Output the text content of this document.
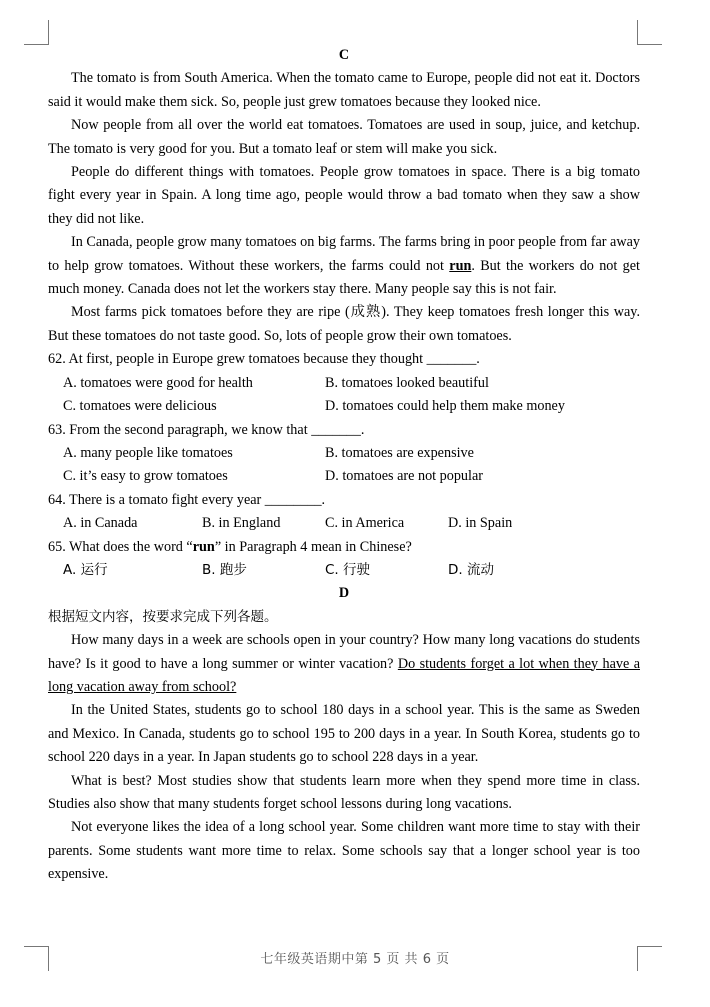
C
The tomato is from South America. When the tomato came to Europe, people did not eat it. Doctors said it would make them sick. So, people just grew tomatoes because they looked nice.
Now people from all over the world eat tomatoes. Tomatoes are used in soup, juice, and ketchup. The tomato is very good for you. But a tomato leaf or stem will make you sick.
People do different things with tomatoes. People grow tomatoes in space. There is a big tomato fight every year in Spain. A long time ago, people would throw a bad tomato when they saw a show they did not like.
In Canada, people grow many tomatoes on big farms. The farms bring in poor people from far away to help grow tomatoes. Without these workers, the farms could not run. But the workers do not get much money. Canada does not let the workers stay there. Many people say this is not fair.
Most farms pick tomatoes before they are ripe (成熟). They keep tomatoes fresh longer this way. But these tomatoes do not taste good. So, lots of people grow their own tomatoes.
62. At first, people in Europe grew tomatoes because they thought _______.
A. tomatoes were good for health	B. tomatoes looked beautiful
C. tomatoes were delicious	D. tomatoes could help them make money
63. From the second paragraph, we know that _______.
A. many people like tomatoes	B. tomatoes are expensive
C. it’s easy to grow tomatoes	D. tomatoes are not popular
64. There is a tomato fight every year ________.
A. in Canada	B. in England	C. in America	D. in Spain
65. What does the word “run” in Paragraph 4 mean in Chinese?
A. 运行	B. 跑步	C. 行驶	D. 流动
D
根据短文内容，按要求完成下列各题。
How many days in a week are schools open in your country? How many long vacations do students have? Is it good to have a long summer or winter vacation? Do students forget a lot when they have a long vacation away from school?
In the United States, students go to school 180 days in a school year. This is the same as Sweden and Mexico. In Canada, students go to school 195 to 200 days in a year. In South Korea, students go to school 220 days in a year. In Japan students go to school 228 days in a year.
What is best? Most studies show that students learn more when they spend more time in class. Studies also show that many students forget school lessons during long vacations.
Not everyone likes the idea of a long school year. Some children want more time to stay with their parents. Some students want more time to relax. Some schools say that a longer school year is too expensive.
七年级英语期中第 5 页 共 6 页
